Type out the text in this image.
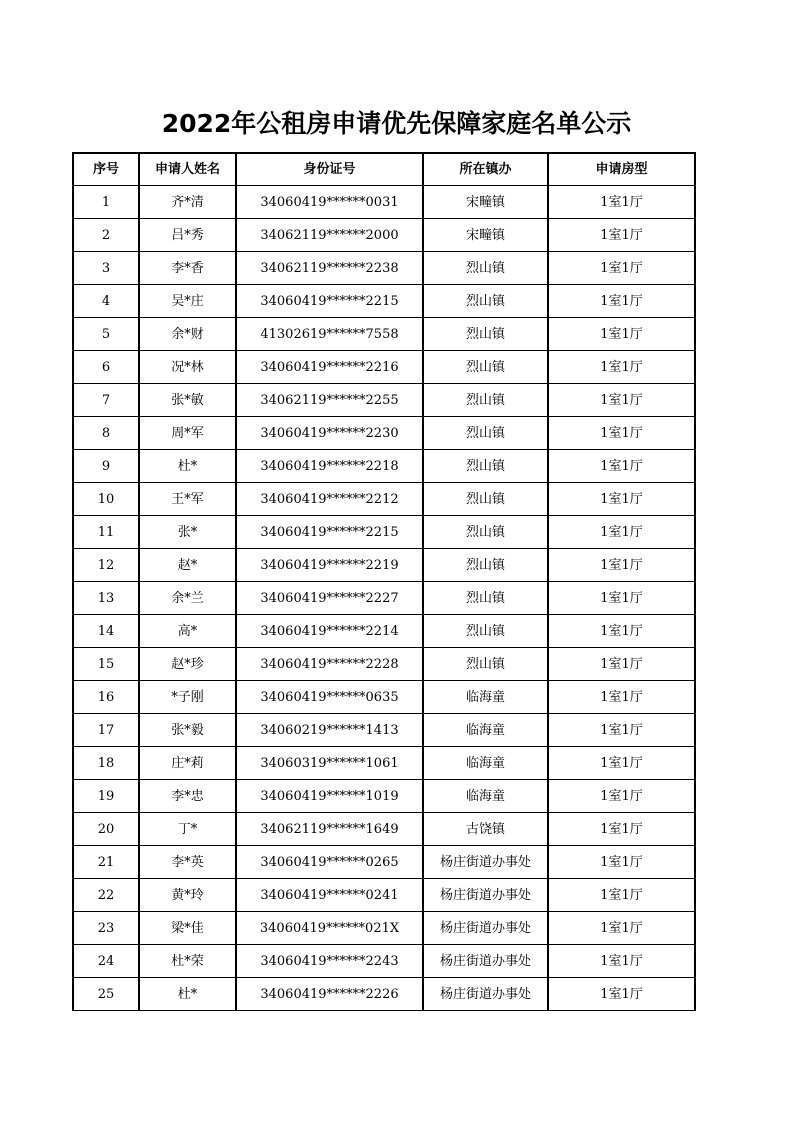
2022年公租房申请优先保障家庭名单公示
序号	申请人姓名	身份证号	所在镇办	申请房型
1	齐*清	34060419******0031	宋疃镇	1室1厅
2	吕*秀	34062119******2000	宋疃镇	1室1厅
3	李*香	34062119******2238	烈山镇	1室1厅
4	吴*庄	34060419******2215	烈山镇	1室1厅
5	余*财	41302619******7558	烈山镇	1室1厅
6	况*林	34060419******2216	烈山镇	1室1厅
7	张*敏	34062119******2255	烈山镇	1室1厅
8	周*军	34060419******2230	烈山镇	1室1厅
9	杜*	34060419******2218	烈山镇	1室1厅
10	王*军	34060419******2212	烈山镇	1室1厅
11	张*	34060419******2215	烈山镇	1室1厅
12	赵*	34060419******2219	烈山镇	1室1厅
13	余*兰	34060419******2227	烈山镇	1室1厅
14	高*	34060419******2214	烈山镇	1室1厅
15	赵*珍	34060419******2228	烈山镇	1室1厅
16	*子刚	34060419******0635	临海童	1室1厅
17	张*毅	34060219******1413	临海童	1室1厅
18	庄*莉	34060319******1061	临海童	1室1厅
19	李*忠	34060419******1019	临海童	1室1厅
20	丁*	34062119******1649	古饶镇	1室1厅
21	李*英	34060419******0265	杨庄街道办事处	1室1厅
22	黄*玲	34060419******0241	杨庄街道办事处	1室1厅
23	梁*佳	34060419******021X	杨庄街道办事处	1室1厅
24	杜*荣	34060419******2243	杨庄街道办事处	1室1厅
25	杜*	34060419******2226	杨庄街道办事处	1室1厅
